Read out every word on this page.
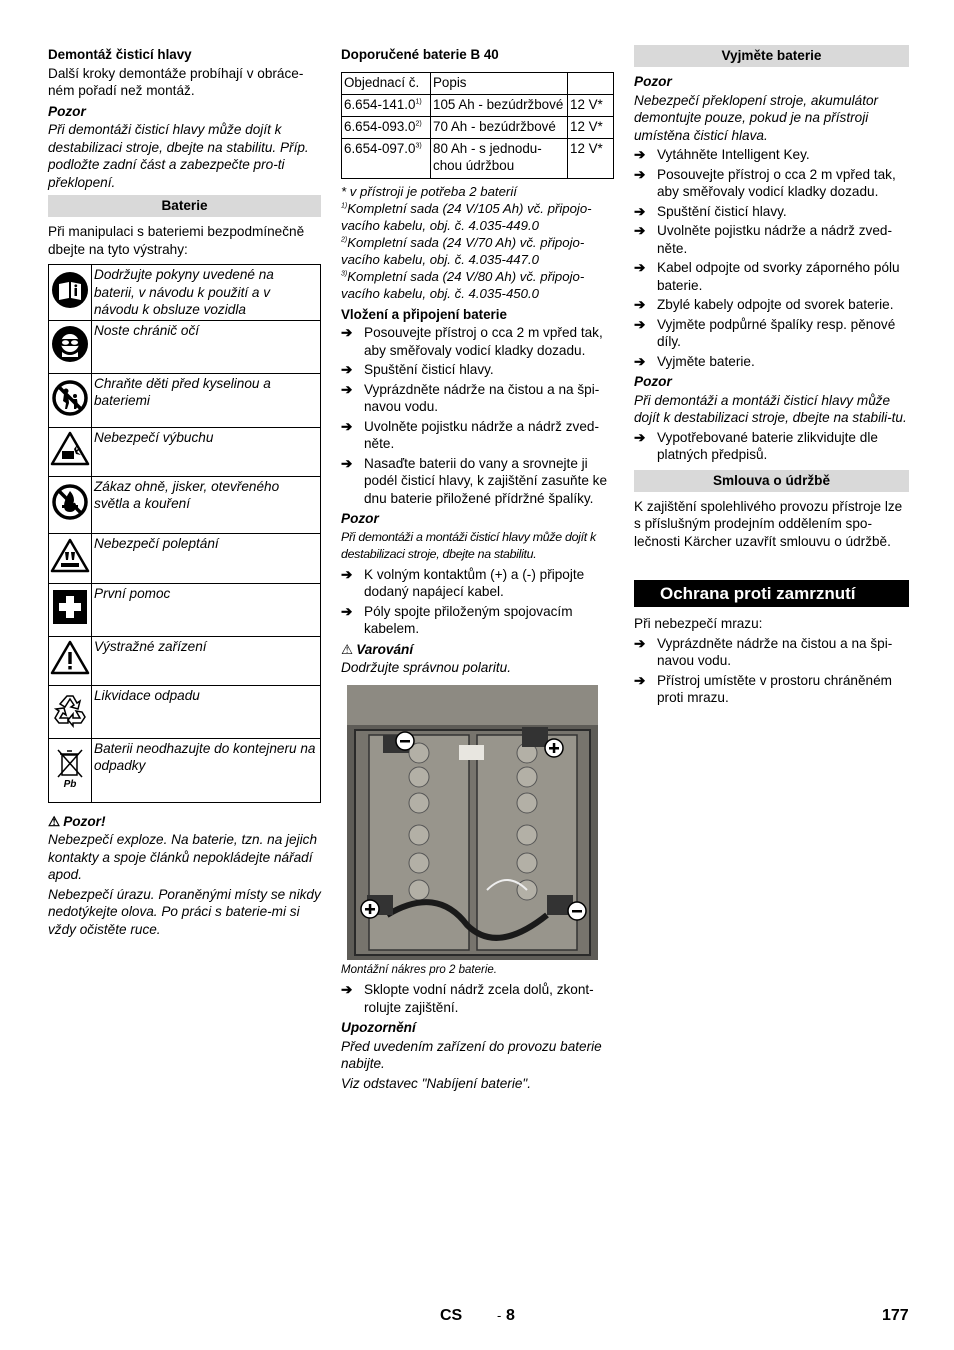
Demontáž čisticí hlavy

Další kroky demontáže probíhají v obráce-ném pořadí než montáž.

Pozor

Při demontáži čisticí hlavy může dojít k destabilizaci stroje, dbejte na stabilitu. Příp. podložte zadní část a zabezpečte pro-ti překlopení.

Baterie

Při manipulaci s bateriemi bezpodmínečně dbejte na tyto výstrahy:

	Dodržujte pokyny uvedené na baterii, v návodu k použití a v návodu k obsluze vozidla
	Noste chránič očí
	Chraňte děti před kyselinou a bateriemi
	Nebezpečí výbuchu
	Zákaz ohně, jisker, otevřeného světla a kouření
	Nebezpečí poleptání
	První pomoc
	Výstražné zařízení
	Likvidace odpadu

Pb	Baterii neodhazujte do kontejneru na odpadky
⚠ Pozor!

Nebezpečí exploze. Na baterie, tzn. na jejich kontakty a spoje článků nepokládejte nářadí apod.

Nebezpečí úrazu. Poraněnými místy se nikdy nedotýkejte olova. Po práci s baterie-mi si vždy očistěte ruce.

Doporučené baterie B 40
Objednací č.	Popis	
6.654-141.0$^{1)}$	105 Ah - bezúdržbové	12 V*
6.654-093.0$^{2)}$	70 Ah - bezúdržbové	12 V*
6.654-097.0$^{3)}$	80 Ah - s jednodu-chou údržbou	12 V*

* v přístroji je potřeba 2 baterií

$^{1)}$Kompletní sada (24 V/105 Ah) vč. připojo-vacího kabelu, obj. č. 4.035-449.0

$^{2)}$Kompletní sada (24 V/70 Ah) vč. připojo-vacího kabelu, obj. č. 4.035-447.0

$^{3)}$Kompletní sada (24 V/80 Ah) vč. připojo-vacího kabelu, obj. č. 4.035-450.0

Vložení a připojení baterie
➔ Posouvejte přístroj o cca 2 m vpřed tak, aby směřovaly vodicí kladky dozadu.
➔ Spuštění čisticí hlavy.
➔ Vyprázdněte nádrže na čistou a na špi-navou vodu.
➔ Uvolněte pojistku nádrže a nádrž zved-něte.
➔ Nasaďte baterii do vany a srovnejte ji podél čisticí hlavy, k zajištění zasuňte ke dnu baterie přiložené přídržné špalíky.
Pozor

Při demontáži a montáži čisticí hlavy může dojít k destabilizaci stroje, dbejte na stabilitu.

➔ K volným kontaktům (+) a (-) připojte dodaný napájecí kabel.
➔ Póly spojte přiloženým spojovacím kabelem.
⚠ Varování

Dodržujte správnou polaritu.

Montážní nákres pro 2 baterie.

➔ Sklopte vodní nádrž zcela dolů, zkont-rolujte zajištění.
Upozornění

Před uvedením zařízení do provozu baterie nabijte.

Viz odstavec "Nabíjení baterie".

Vyjměte baterie
Pozor

Nebezpečí překlopení stroje, akumulátor demontujte pouze, pokud je na přístroji umístěna čisticí hlava.

➔ Vytáhněte Intelligent Key.
➔ Posouvejte přístroj o cca 2 m vpřed tak, aby směřovaly vodicí kladky dozadu.
➔ Spuštění čisticí hlavy.
➔ Uvolněte pojistku nádrže a nádrž zved-něte.
➔ Kabel odpojte od svorky záporného pólu baterie.
➔ Zbylé kabely odpojte od svorek baterie.
➔ Vyjměte podpůrné špalíky resp. pěnové díly.
➔ Vyjměte baterie.
Pozor

Při demontáži a montáži čisticí hlavy může dojít k destabilizaci stroje, dbejte na stabili-tu.

➔ Vypotřebované baterie zlikvidujte dle platných předpisů.
Smlouva o údržbě

K zajištění spolehlivého provozu přístroje lze s příslušným prodejním oddělením spo-lečnosti Kärcher uzavřít smlouvu o údržbě.

Ochrana proti zamrznutí

Při nebezpečí mrazu:

➔ Vyprázdněte nádrže na čistou a na špi-navou vodu.
➔ Přístroj umístěte v prostoru chráněném proti mrazu.
CS	- 8	177
